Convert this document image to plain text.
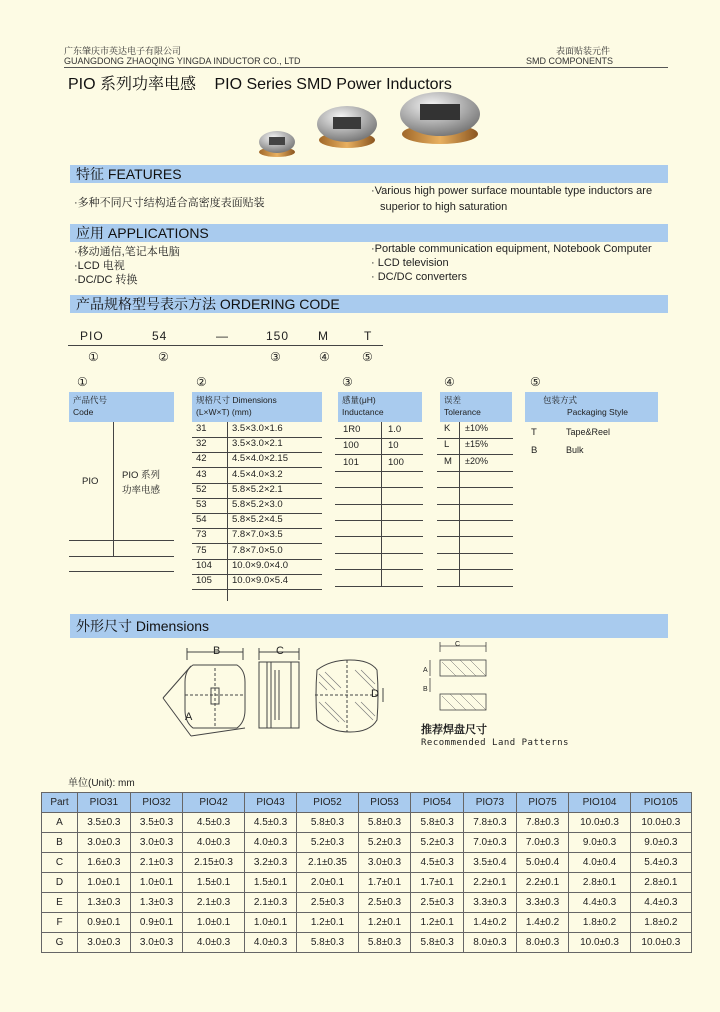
广东肇庆市英达电子有限公司
GUANGDONG ZHAOQING YINGDA INDUCTOR CO., LTD
表面贴装元件
SMD COMPONENTS
PIO 系列功率电感 PIO Series SMD Power Inductors
特征 FEATURES
·多种不同尺寸结构适合高密度表面贴装
·Various high power surface mountable type inductors are
superior to high saturation
应用 APPLICATIONS
·移动通信,笔记本电脑
·LCD 电视
·DC/DC 转换
·Portable communication equipment, Notebook Computer
· LCD television
· DC/DC converters
产品规格型号表示方法 ORDERING CODE
PIO	54	—	150 M	T
①	②	③	④	⑤
①
产品代号
Code
PIO
PIO 系列
功率电感
②
规格尺寸 Dimensions
(L×W×T) (mm)
31	3.5×3.0×1.6
32	3.5×3.0×2.1
42	4.5×4.0×2.15
43	4.5×4.0×3.2
52	5.8×5.2×2.1
53	5.8×5.2×3.0
54	5.8×5.2×4.5
73	7.8×7.0×3.5
75	7.8×7.0×5.0
104 10.0×9.0×4.0
105 10.0×9.0×5.4
③
感量(μH)
Inductance
1R0	1.0
100	10
101	100
④
误差
Tolerance
K ±10%
L ±15%
M ±20%
⑤
包装方式
Packaging Style
T	Tape&Reel
B	Bulk
外形尺寸 Dimensions
B	C
A
D
C
A
B
推荐焊盘尺寸
Recommended Land Patterns
单位(Unit): mm
Part	PIO31	PIO32	PIO42	PIO43	PIO52	PIO53	PIO54	PIO73	PIO75	PIO104	PIO105
A	3.5±0.3	3.5±0.3	4.5±0.3	4.5±0.3	5.8±0.3	5.8±0.3	5.8±0.3	7.8±0.3	7.8±0.3	10.0±0.3	10.0±0.3
B	3.0±0.3	3.0±0.3	4.0±0.3	4.0±0.3	5.2±0.3	5.2±0.3	5.2±0.3	7.0±0.3	7.0±0.3	9.0±0.3	9.0±0.3
C	1.6±0.3	2.1±0.3	2.15±0.3	3.2±0.3	2.1±0.35	3.0±0.3	4.5±0.3	3.5±0.4	5.0±0.4	4.0±0.4	5.4±0.3
D	1.0±0.1	1.0±0.1	1.5±0.1	1.5±0.1	2.0±0.1	1.7±0.1	1.7±0.1	2.2±0.1	2.2±0.1	2.8±0.1	2.8±0.1
E	1.3±0.3	1.3±0.3	2.1±0.3	2.1±0.3	2.5±0.3	2.5±0.3	2.5±0.3	3.3±0.3	3.3±0.3	4.4±0.3	4.4±0.3
F	0.9±0.1	0.9±0.1	1.0±0.1	1.0±0.1	1.2±0.1	1.2±0.1	1.2±0.1	1.4±0.2	1.4±0.2	1.8±0.2	1.8±0.2
G	3.0±0.3	3.0±0.3	4.0±0.3	4.0±0.3	5.8±0.3	5.8±0.3	5.8±0.3	8.0±0.3	8.0±0.3	10.0±0.3	10.0±0.3
